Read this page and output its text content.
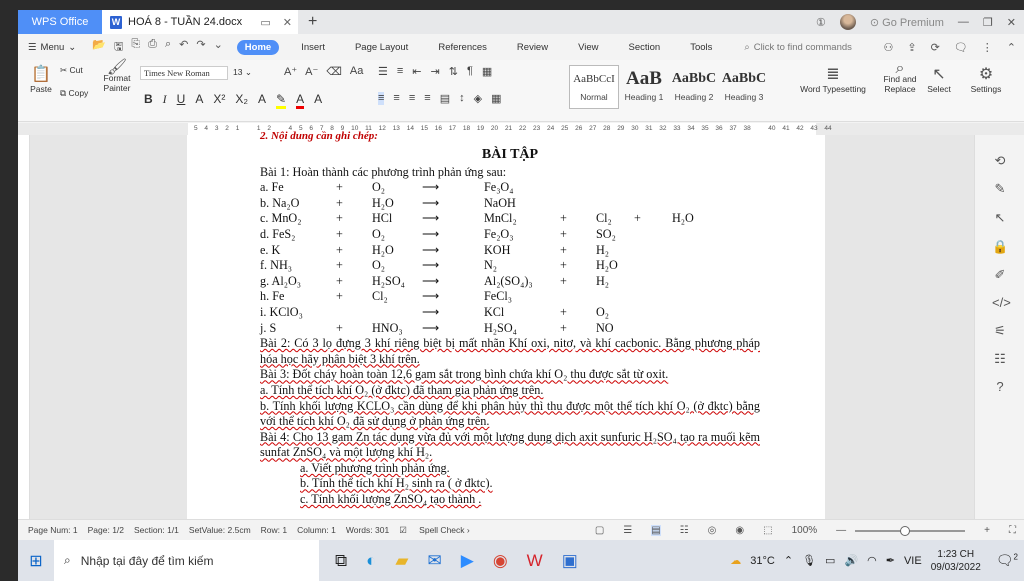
WPS Office	W HOÁ 8 - TUẦN 24.docx ▭ ✕ +	①	⊙ Go Premium — ❐ ✕
☰ Menu ⌄ 📂 🖫 ⎘ ⎙ ⌕ ↶ ↷ ⌄	Home	Insert	Page Layout	References	Review	View	Section	Tools	⌕ Click to find commands	⚇ ⇪ ⟳ 🗨 ⋮ ⌃
📋
Paste
✂ Cut
⧉ Copy
🖌
Format Painter
Times New Roman	13 ⌄	A⁺ A⁻ ⌫ Aa
B I U A X² X₂ A ✎ A A
☰ ≡ ⇤ ⇥ ⇅ ¶ ▦
≡ ≡ ≡ ≡ ▤ ↕ ◈ ▦
AaBbCcI
Normal
AaB
Heading 1
AaBbC
Heading 2
AaBbC
Heading 3
≣
Word Typesetting
⌕
Find and Replace
↖
Select
⚙
Settings
5 4 3 2 1	1 2	4 5 6 7 8 9 10 11 12 13 14 15 16 17 18 19 20 21 22 23 24 25 26 27 28 29 30 31 32 33 34 35 36 37 38	40 41 42 43 44
2. Nội dung cần ghi chép:
BÀI TẬP
Bài 1: Hoàn thành các phương trình phản ứng sau:
a. Fe	+	O₂	⟶	Fe₃O₄
b. Na₂O	+	H₂O	⟶	NaOH
c. MnO₂	+	HCl	⟶	MnCl₂	+	Cl₂	+	H₂O
d. FeS₂	+	O₂	⟶	Fe₂O₃	+	SO₂
e. K	+	H₂O	⟶	KOH	+	H₂
f. NH₃	+	O₂	⟶	N₂	+	H₂O
g. Al₂O₃	+	H₂SO₄	⟶	Al₂(SO₄)₃	+	H₂
h. Fe	+	Cl₂	⟶	FeCl₃
i. KClO₃	⟶	KCl	+	O₂
j. S	+	HNO₃	⟶	H₂SO₄	+	NO
Bài 2: Có 3 lọ đựng 3 khí riêng biệt bị mất nhãn Khí oxi, nitơ, và khí cacbonic. Bằng phương pháp hóa học hãy phân biệt 3 khí trên.
Bài 3: Đốt cháy hoàn toàn 12,6 gam sắt trong bình chứa khí O₂ thu được sắt từ oxit.
a. Tính thể tích khí O₂ (ở đktc) đã tham gia phản ứng trên.
b. Tính khối lượng KCLO₃ cần dùng để khi phân hủy thì thu được một thể tích khí O₂ (ở đktc) bằng với thể tích khí O₂ đã sử dụng ở phản ứng trên.
Bài 4: Cho 13 gam Zn tác dụng vừa đủ với một lượng dung dịch axit sunfuric H₂SO₄ tạo ra muối kẽm sunfat ZnSO₄ và một lượng khí H₂.
a. Viết phương trình phản ứng.
b. Tính thể tích khí H₂ sinh ra ( ở đktc).
c. Tính khối lượng ZnSO₄ tạo thành .
⟲
✎
↖
🔒
✐
</>
⚟
☷
?
Page Num: 1 Page: 1/2 Section: 1/1 SetValue: 2.5cm Row: 1 Column: 1 Words: 301 ☑ Spell Check ›	▢ ☰ ▤ ☷ ◎ ◉ ⬚ 100% —	+ ⛶
⊞	⌕ Nhập tại đây để tìm kiếm	⧉ ◐ ▰ ✉ ▶ ◉ W ▣	☁ 31°C ⌃ 🎙 ▭ 🔊 ◠ ✒ VIE
1:23 CH
09/03/2022	🗨$^2$
